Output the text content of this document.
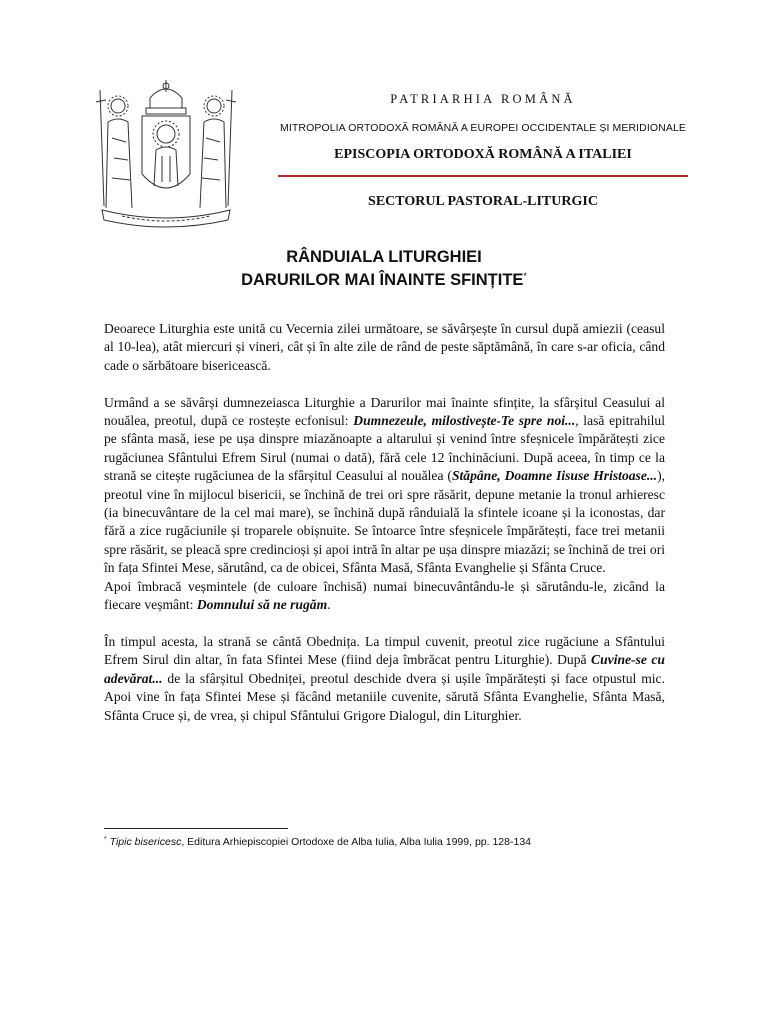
PATRIARHIA ROMÂNĂ
MITROPOLIA ORTODOXĂ ROMÂNĂ A EUROPEI OCCIDENTALE ȘI MERIDIONALE
EPISCOPIA ORTODOXĂ ROMÂNĂ A ITALIEI
SECTORUL PASTORAL-LITURGIC
RÂNDUIALA LITURGHIEI
DARURILOR MAI ÎNAINTE SFINȚITE*

Deoarece Liturghia este unită cu Vecernia zilei următoare, se săvârșește în cursul după amiezii (ceasul al 10-lea), atât miercuri și vineri, cât și în alte zile de rând de peste săptămână, în care s-ar oficia, când cade o sărbătoare bisericească.

Urmând a se săvârși dumnezeiasca Liturghie a Darurilor mai înainte sfințite, la sfârșitul Ceasului al nouălea, preotul, după ce rostește ecfonisul: Dumnezeule, milostivește-Te spre noi..., lasă epitrahilul pe sfânta masă, iese pe ușa dinspre miazănoapte a altarului și venind între sfeșnicele împărătești zice rugăciunea Sfântului Efrem Sirul (numai o dată), fără cele 12 închinăciuni. După aceea, în timp ce la strană se citește rugăciunea de la sfârșitul Ceasului al nouălea (Stăpâne, Doamne Iisuse Hristoase...), preotul vine în mijlocul bisericii, se închină de trei ori spre răsărit, depune metanie la tronul arhieresc (ia binecuvântare de la cel mai mare), se închină după rânduială la sfintele icoane și la iconostas, dar fără a zice rugăciunile și troparele obișnuite. Se întoarce între sfeșnicele împărătești, face trei metanii spre răsărit, se pleacă spre credincioși și apoi intră în altar pe ușa dinspre miazăzi; se închină de trei ori în fața Sfintei Mese, sărutând, ca de obicei, Sfânta Masă, Sfânta Evanghelie și Sfânta Cruce.

Apoi îmbracă veșmintele (de culoare închisă) numai binecuvântându-le și sărutându-le, zicând la fiecare veșmânt: Domnului să ne rugăm.

În timpul acesta, la strană se cântă Obednița. La timpul cuvenit, preotul zice rugăciune a Sfântului Efrem Sirul din altar, în fata Sfintei Mese (fiind deja îmbrăcat pentru Liturghie). După Cuvine-se cu adevărat... de la sfârșitul Obedniței, preotul deschide dvera și ușile împărătești și face otpustul mic. Apoi vine în fața Sfintei Mese și făcând metaniile cuvenite, sărută Sfânta Evanghelie, Sfânta Masă, Sfânta Cruce și, de vrea, și chipul Sfântului Grigore Dialogul, din Liturghier.

* Tipic bisericesc, Editura Arhiepiscopiei Ortodoxe de Alba Iulia, Alba Iulia 1999, pp. 128-134
